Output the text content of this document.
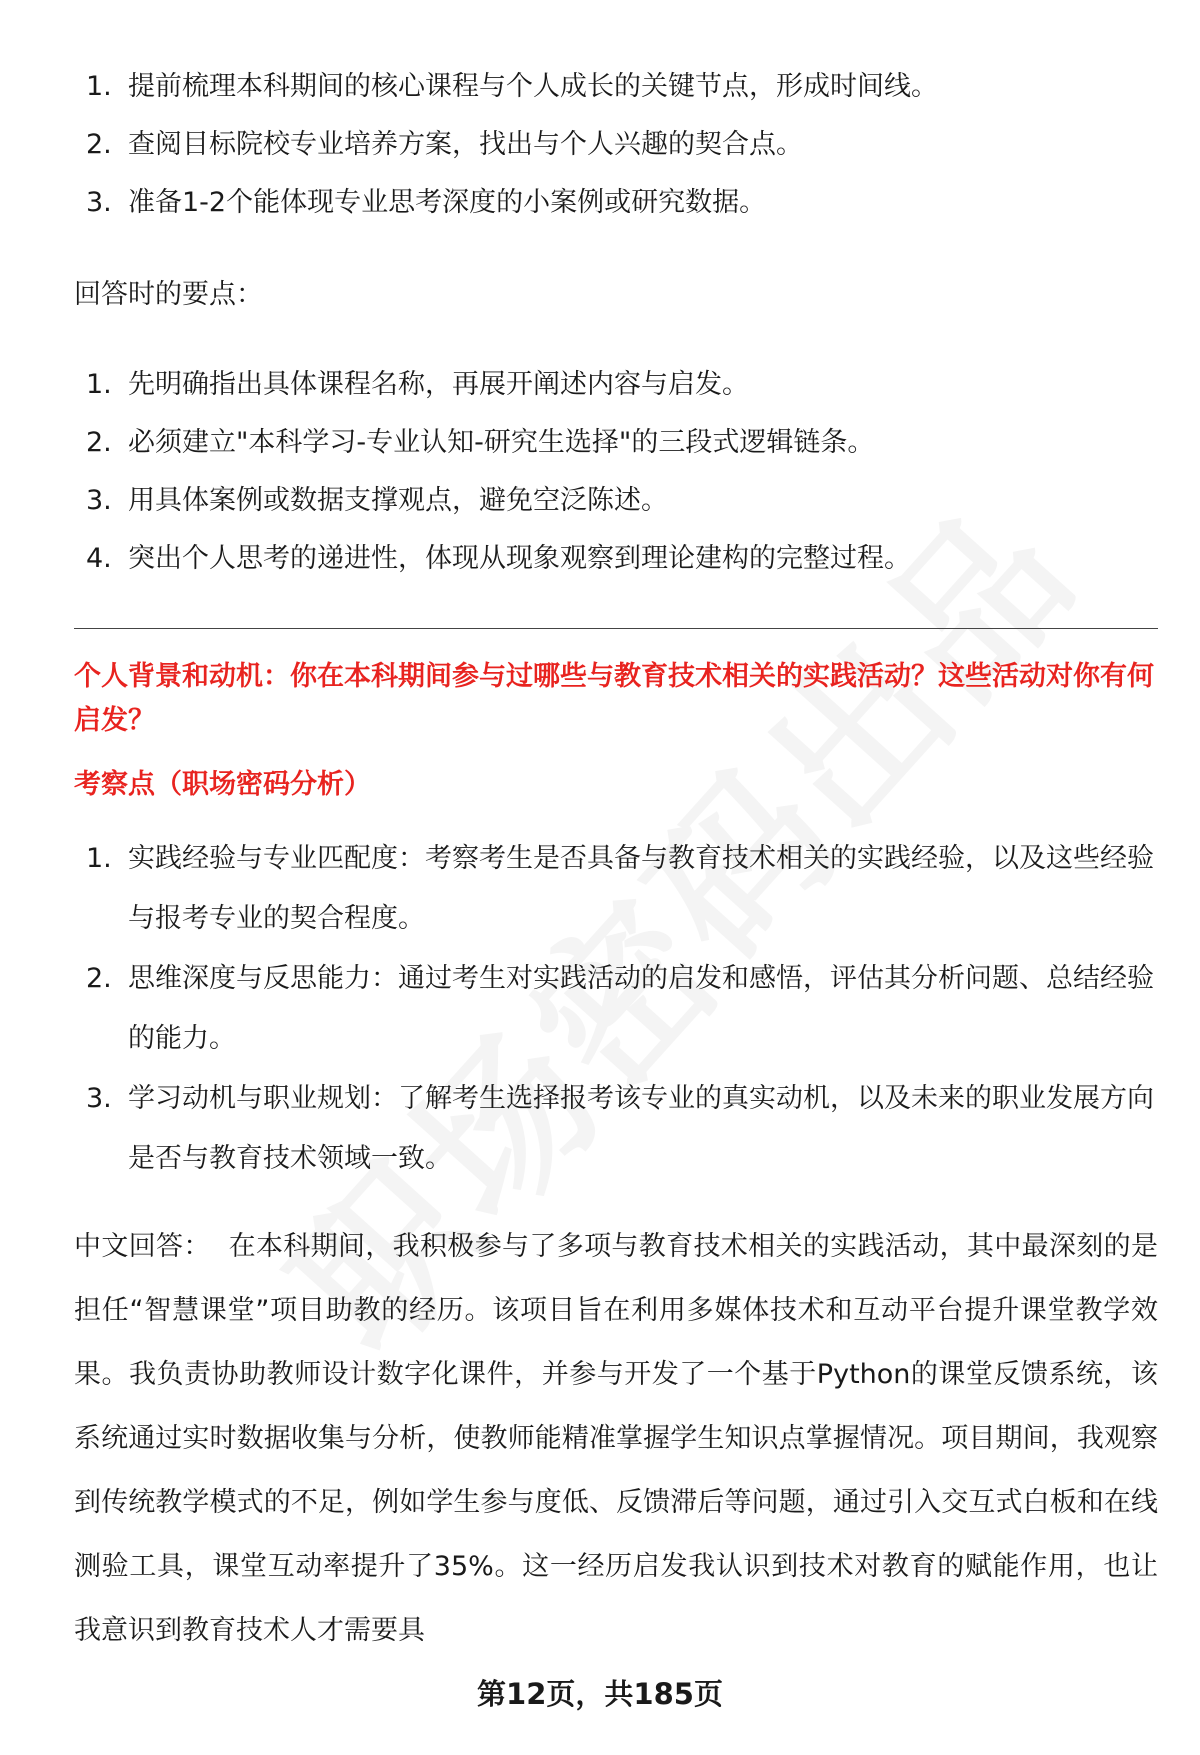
1. 提前梳理本科期间的核心课程与个人成长的关键节点，形成时间线。
2. 查阅目标院校专业培养方案，找出与个人兴趣的契合点。
3. 准备1-2个能体现专业思考深度的小案例或研究数据。

回答时的要点：

1. 先明确指出具体课程名称，再展开阐述内容与启发。
2. 必须建立"本科学习-专业认知-研究生选择"的三段式逻辑链条。
3. 用具体案例或数据支撑观点，避免空泛陈述。
4. 突出个人思考的递进性，体现从现象观察到理论建构的完整过程。

个人背景和动机：你在本科期间参与过哪些与教育技术相关的实践活动？这些活动对你有何启发？

考察点（职场密码分析）

1. 实践经验与专业匹配度：考察考生是否具备与教育技术相关的实践经验，以及这些经验与报考专业的契合程度。
2. 思维深度与反思能力：通过考生对实践活动的启发和感悟，评估其分析问题、总结经验的能力。
3. 学习动机与职业规划：了解考生选择报考该专业的真实动机，以及未来的职业发展方向是否与教育技术领域一致。

中文回答： 在本科期间，我积极参与了多项与教育技术相关的实践活动，其中最深刻的是担任“智慧课堂”项目助教的经历。该项目旨在利用多媒体技术和互动平台提升课堂教学效果。我负责协助教师设计数字化课件，并参与开发了一个基于Python的课堂反馈系统，该系统通过实时数据收集与分析，使教师能精准掌握学生知识点掌握情况。项目期间，我观察到传统教学模式的不足，例如学生参与度低、反馈滞后等问题，通过引入交互式白板和在线测验工具，课堂互动率提升了35%。这一经历启发我认识到技术对教育的赋能作用，也让我意识到教育技术人才需要具

第12页，共185页
